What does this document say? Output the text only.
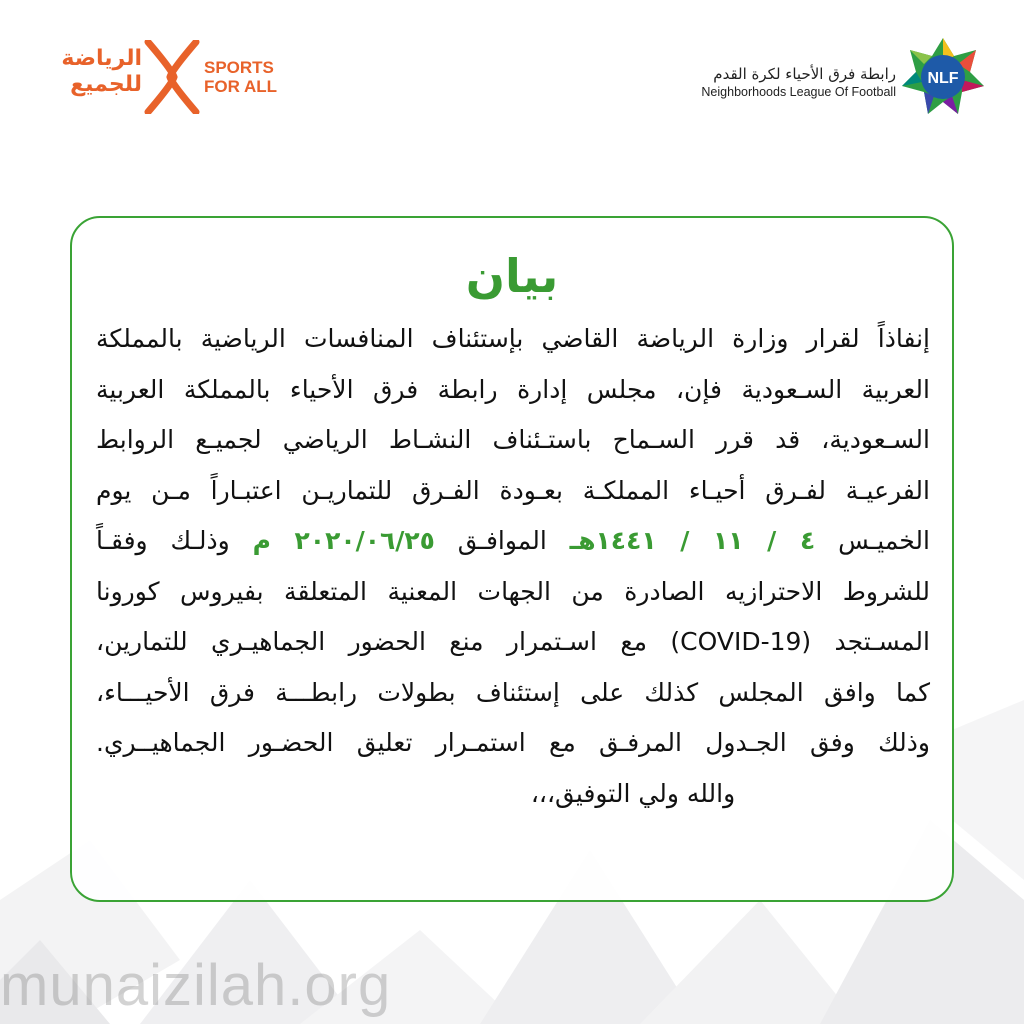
الرياضة
للجميع
SPORTS
FOR ALL	NLF
رابطة فرق الأحياء لكرة القدم
Neighborhoods League Of Football
بيان
إنفاذاً لقرار وزارة الرياضة القاضي بإستئناف المنافسات الرياضية بالمملكة
العربية السـعودية فإن، مجلس إدارة رابطة فرق الأحياء بالمملكة العربية
السـعودية، قد قرر السـماح باستـئناف النشـاط الرياضي لجميـع الروابط
الفرعيـة لفـرق أحيـاء المملكـة بعـودة الفـرق للتماريـن اعتبـاراً مـن يوم
الخميـس ٤ / ١١ / ١٤٤١هـ الموافـق ٢٠٢٠/٠٦/٢٥ م وذلـك وفقـاً
للشروط الاحترازيه الصادرة من الجهات المعنية المتعلقة بفيروس كورونا
المسـتجد (COVID-19) مع اسـتمرار منع الحضور الجماهيـري للتمارين،
كما وافق المجلس كذلك على إستئناف بطولات رابطـــة فرق الأحيـــاء،
وذلك وفق الجـدول المرفـق مع استمـرار تعليق الحضـور الجماهيــري.
والله ولي التوفيق،،،
munaizilah.org
